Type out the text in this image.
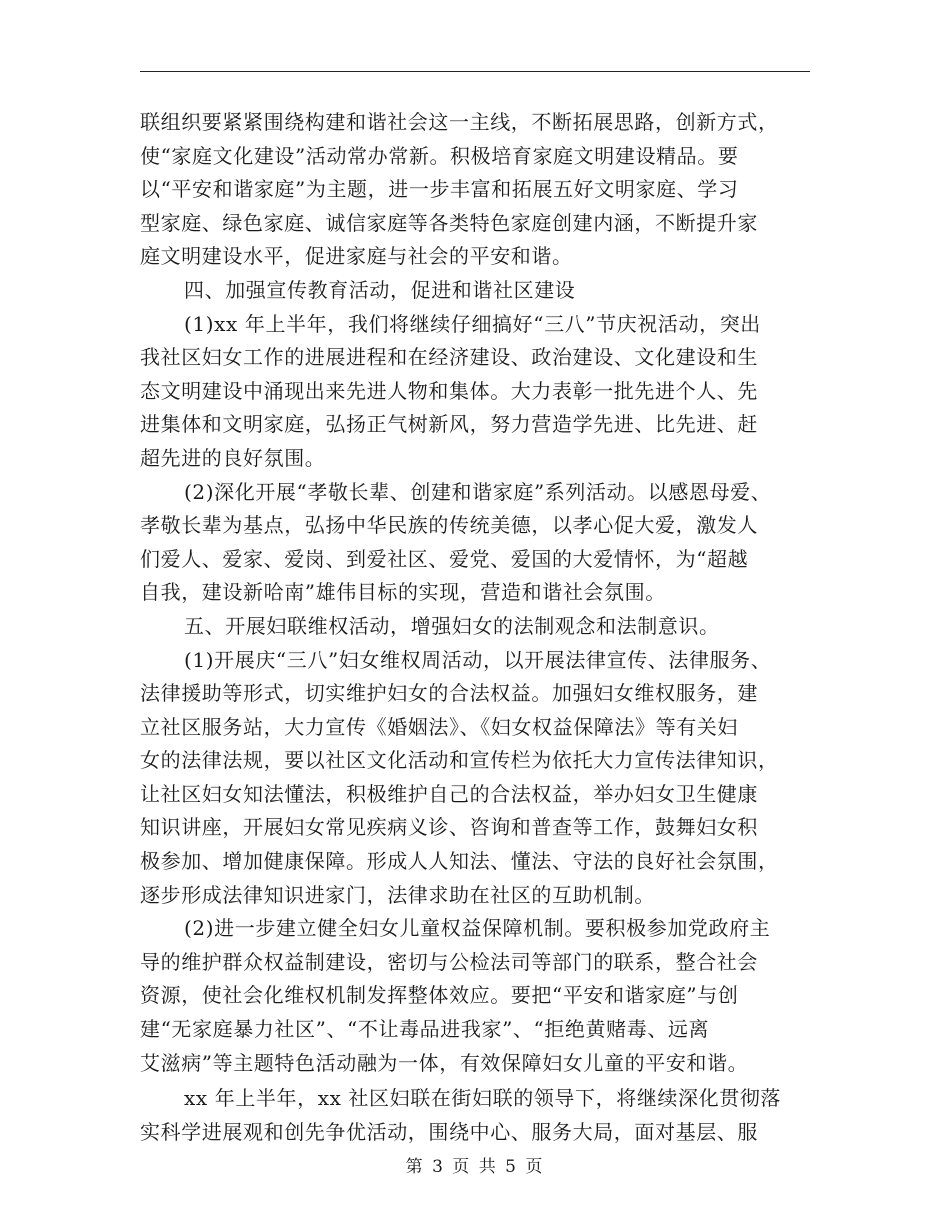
联组织要紧紧围绕构建和谐社会这一主线，不断拓展思路，创新方式，
使“家庭文化建设”活动常办常新。积极培育家庭文明建设精品。要
以“平安和谐家庭”为主题，进一步丰富和拓展五好文明家庭、学习
型家庭、绿色家庭、诚信家庭等各类特色家庭创建内涵，不断提升家
庭文明建设水平，促进家庭与社会的平安和谐。
四、加强宣传教育活动，促进和谐社区建设
(1)xx 年上半年，我们将继续仔细搞好“三八”节庆祝活动，突出
我社区妇女工作的进展进程和在经济建设、政治建设、文化建设和生
态文明建设中涌现出来先进人物和集体。大力表彰一批先进个人、先
进集体和文明家庭，弘扬正气树新风，努力营造学先进、比先进、赶
超先进的良好氛围。
(2)深化开展“孝敬长辈、创建和谐家庭”系列活动。以感恩母爱、
孝敬长辈为基点，弘扬中华民族的传统美德，以孝心促大爱，激发人
们爱人、爱家、爱岗、到爱社区、爱党、爱国的大爱情怀，为“超越
自我，建设新哈南”雄伟目标的实现，营造和谐社会氛围。
五、开展妇联维权活动，增强妇女的法制观念和法制意识。
(1)开展庆“三八”妇女维权周活动，以开展法律宣传、法律服务、
法律援助等形式，切实维护妇女的合法权益。加强妇女维权服务，建
立社区服务站，大力宣传《婚姻法》、《妇女权益保障法》等有关妇
女的法律法规，要以社区文化活动和宣传栏为依托大力宣传法律知识，
让社区妇女知法懂法，积极维护自己的合法权益，举办妇女卫生健康
知识讲座，开展妇女常见疾病义诊、咨询和普查等工作，鼓舞妇女积
极参加、增加健康保障。形成人人知法、懂法、守法的良好社会氛围，
逐步形成法律知识进家门，法律求助在社区的互助机制。
(2)进一步建立健全妇女儿童权益保障机制。要积极参加党政府主
导的维护群众权益制建设，密切与公检法司等部门的联系，整合社会
资源，使社会化维权机制发挥整体效应。要把“平安和谐家庭”与创
建“无家庭暴力社区”、“不让毒品进我家”、“拒绝黄赌毒、远离
艾滋病”等主题特色活动融为一体，有效保障妇女儿童的平安和谐。
xx 年上半年，xx 社区妇联在街妇联的领导下，将继续深化贯彻落
实科学进展观和创先争优活动，围绕中心、服务大局，面对基层、服
第 3 页 共 5 页
